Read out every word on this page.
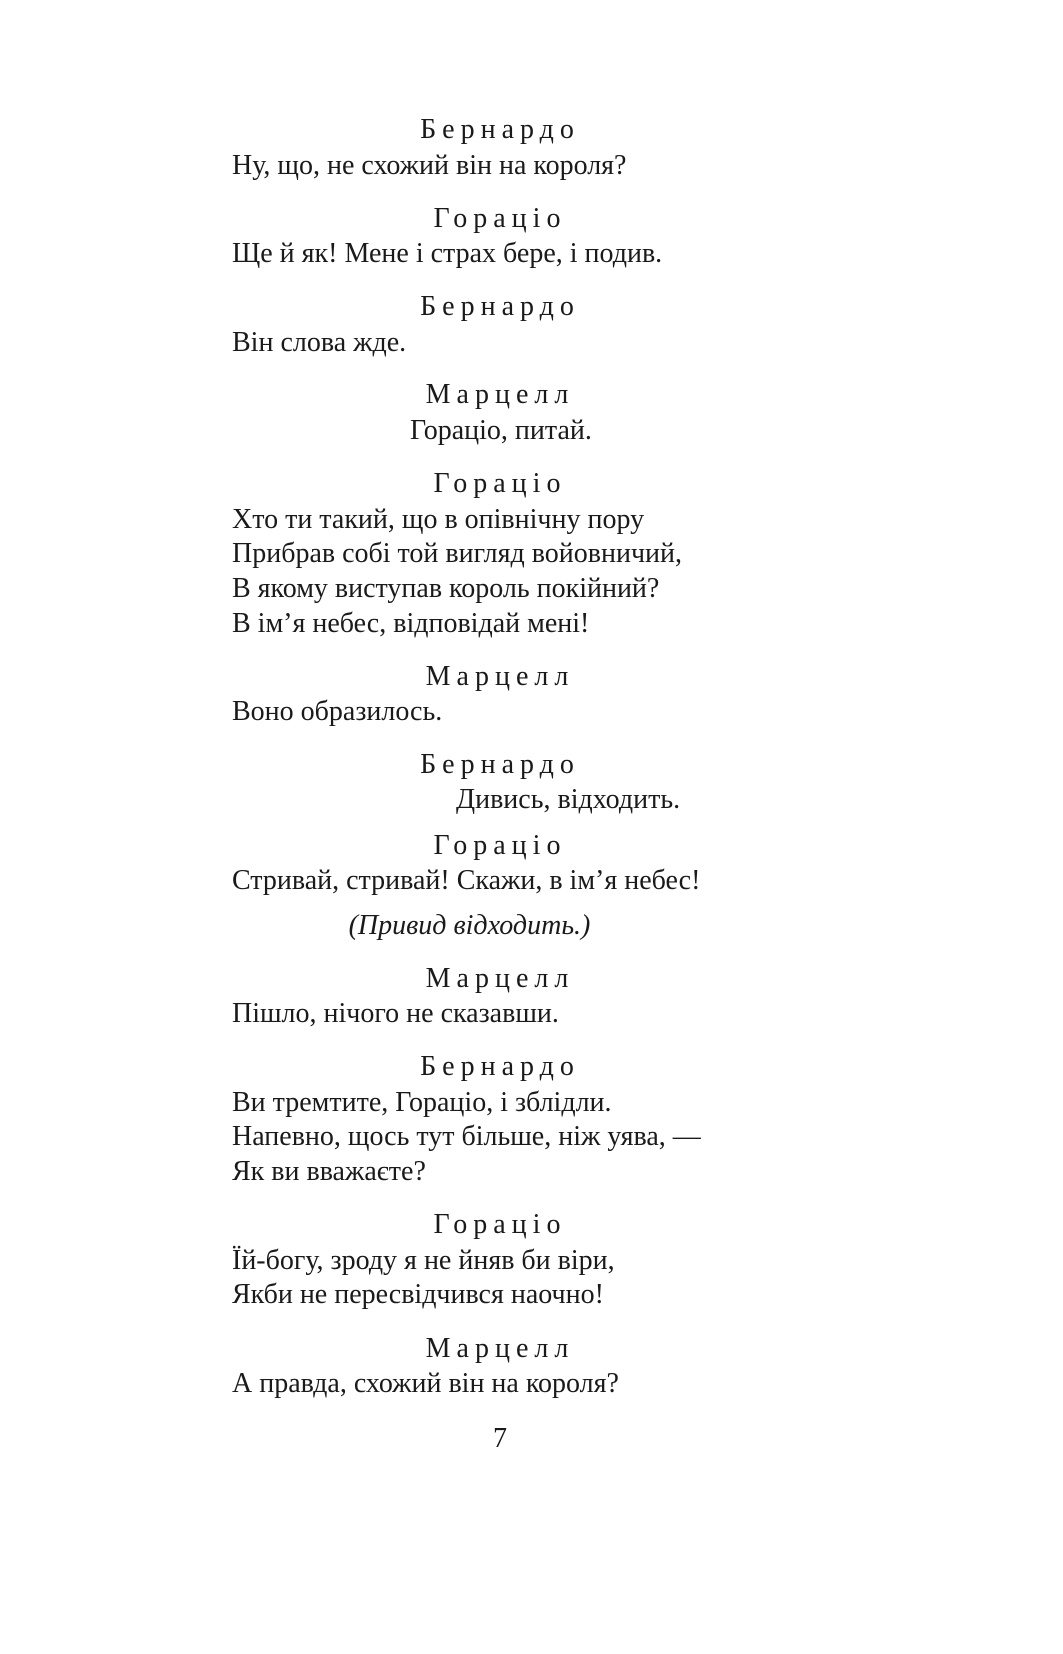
Бернардо
Ну, що, не схожий він на короля?
Гораціо
Ще й як! Мене і страх бере, і подив.
Бернардо
Він слова жде.
Марцелл
Гораціо, питай.
Гораціо
Хто ти такий, що в опівнічну пору
Прибрав собі той вигляд войовничий,
В якому виступав король покійний?
В ім’я небес, відповідай мені!
Марцелл
Воно образилось.
Бернардо
Дивись, відходить.
Гораціо
Стривай, стривай! Скажи, в ім’я небес!
(Привид відходить.)
Марцелл
Пішло, нічого не сказавши.
Бернардо
Ви тремтите, Гораціо, і зблідли.
Напевно, щось тут більше, ніж уява, —
Як ви вважаєте?
Гораціо
Їй-богу, зроду я не йняв би віри,
Якби не пересвідчився наочно!
Марцелл
А правда, схожий він на короля?
7
